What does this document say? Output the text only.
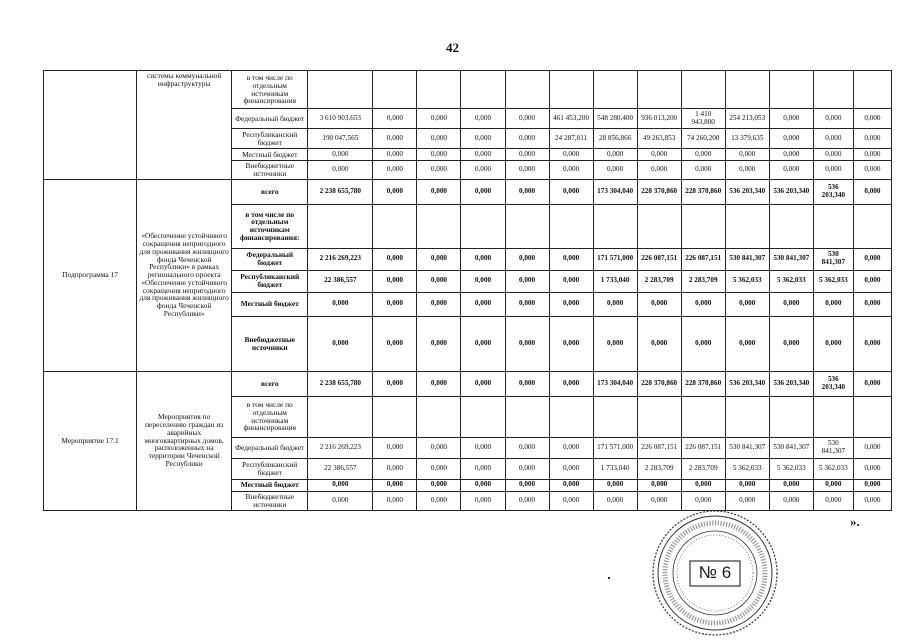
42
	системы коммунальной инфраструктуры	в том числе по отдельным источникам финансирования													
		Федеральный бюджет	3 610 903,653	0,000	0,000	0,000	0,000	461 453,200	548 280,400	936 013,200	1 410 943,800	254 213,053	0,000	0,000	0,000
		Республиканский бюджет	190 047,565	0,000	0,000	0,000	0,000	24 287,011	28 856,866	49 263,853	74 260,200	13 379,635	0,000	0,000	0,000
		Местный бюджет	0,000	0,000	0,000	0,000	0,000	0,000	0,000	0,000	0,000	0,000	0,000	0,000	0,000
		Внебюджетные источники	0,000	0,000	0,000	0,000	0,000	0,000	0,000	0,000	0,000	0,000	0,000	0,000	0,000
Подпрограмма 17	«Обеспечение устойчивого сокращения непригодного для проживания жилищного фонда Чеченской Республики» в рамках регионального проекта «Обеспечение устойчивого сокращения непригодного для проживания жилищного фонда Чеченской Республики»	всего	2 238 655,780	0,000	0,000	0,000	0,000	0,000	173 304,040	228 370,860	228 370,860	536 203,340	536 203,340	536 203,340	0,000
		в том числе по отдельным источникам финансирования:													
		Федеральный бюджет	2 216 269,223	0,000	0,000	0,000	0,000	0,000	171 571,000	226 087,151	226 087,151	530 841,307	530 841,307	530 841,307	0,000
		Республиканский бюджет	22 386,557	0,000	0,000	0,000	0,000	0,000	1 733,040	2 283,709	2 283,709	5 362,033	5 362,033	5 362,033	0,000
		Местный бюджет	0,000	0,000	0,000	0,000	0,000	0,000	0,000	0,000	0,000	0,000	0,000	0,000	0,000
		Внебюджетные источники	0,000	0,000	0,000	0,000	0,000	0,000	0,000	0,000	0,000	0,000	0,000	0,000	0,000
Мероприятие 17.1	Мероприятия по переселению граждан из аварийных многоквартирных домов, расположенных на территории Чеченской Республики	всего	2 238 655,780	0,000	0,000	0,000	0,000	0,000	173 304,040	228 370,860	228 370,860	536 203,340	536 203,340	536 203,340	0,000
		в том числе по отдельным источникам финансирования													
		Федеральный бюджет	2 216 269,223	0,000	0,000	0,000	0,000	0,000	171 571,000	226 087,151	226 087,151	530 841,307	530 841,307	530 841,307	0,000
		Республиканский бюджет	22 386,557	0,000	0,000	0,000	0,000	0,000	1 733,040	2 283,709	2 283,709	5 362,033	5 362,033	5 362,033	0,000
		Местный бюджет	0,000	0,000	0,000	0,000	0,000	0,000	0,000	0,000	0,000	0,000	0,000	0,000	0,000
		Внебюджетные источники	0,000	0,000	0,000	0,000	0,000	0,000	0,000	0,000	0,000	0,000	0,000	0,000	0,000
».
№ 6
